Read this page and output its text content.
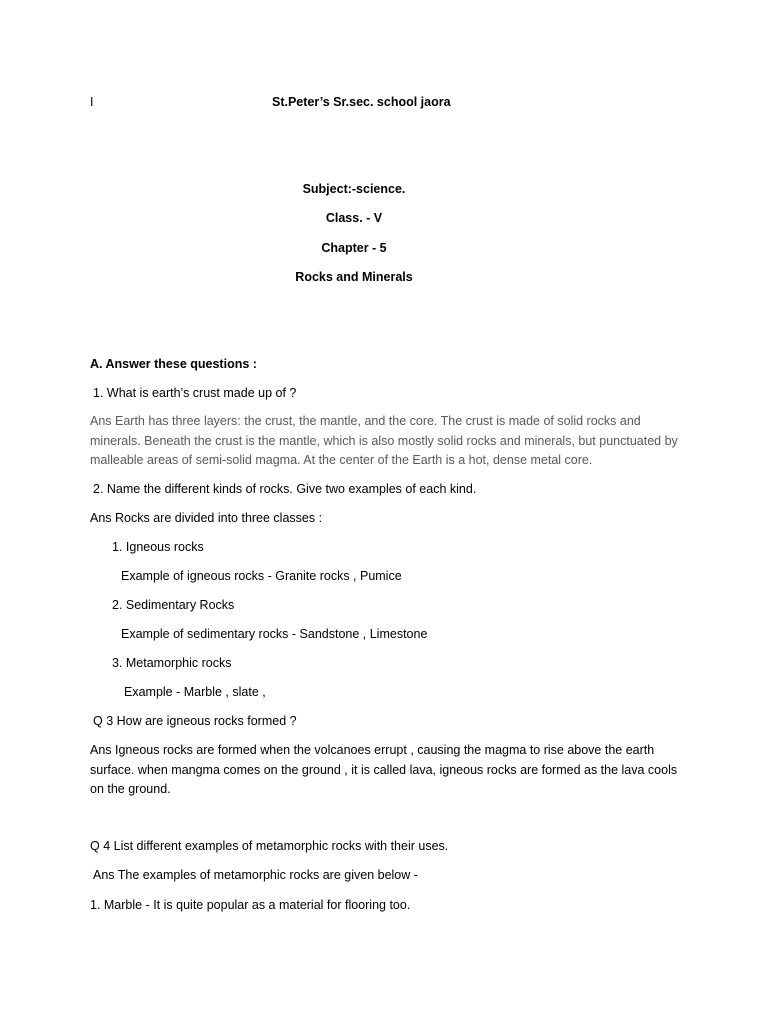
I	St.Peter’s Sr.sec. school jaora
Subject:-science.
Class. - V
Chapter - 5
Rocks and Minerals
A. Answer these questions :
1. What is earth’s crust made up of ?
Ans Earth has three layers: the crust, the mantle, and the core. The crust is made of solid rocks and minerals. Beneath the crust is the mantle, which is also mostly solid rocks and minerals, but punctuated by malleable areas of semi-solid magma. At the center of the Earth is a hot, dense metal core.
2. Name the different kinds of rocks. Give two examples of each kind.
Ans Rocks are divided into three classes :
1. Igneous rocks
Example of igneous rocks - Granite rocks , Pumice
2. Sedimentary Rocks
Example of sedimentary rocks - Sandstone , Limestone
3. Metamorphic rocks
Example - Marble , slate ,
Q 3 How are igneous rocks formed ?
Ans Igneous rocks are formed when the volcanoes errupt , causing the magma to rise above the earth surface. when mangma comes on the ground , it is called lava, igneous rocks are formed as the lava cools on the ground.
Q 4 List different examples of metamorphic rocks with their uses.
Ans The examples of metamorphic rocks are given below -
1. Marble - It is quite popular as a material for flooring too.
